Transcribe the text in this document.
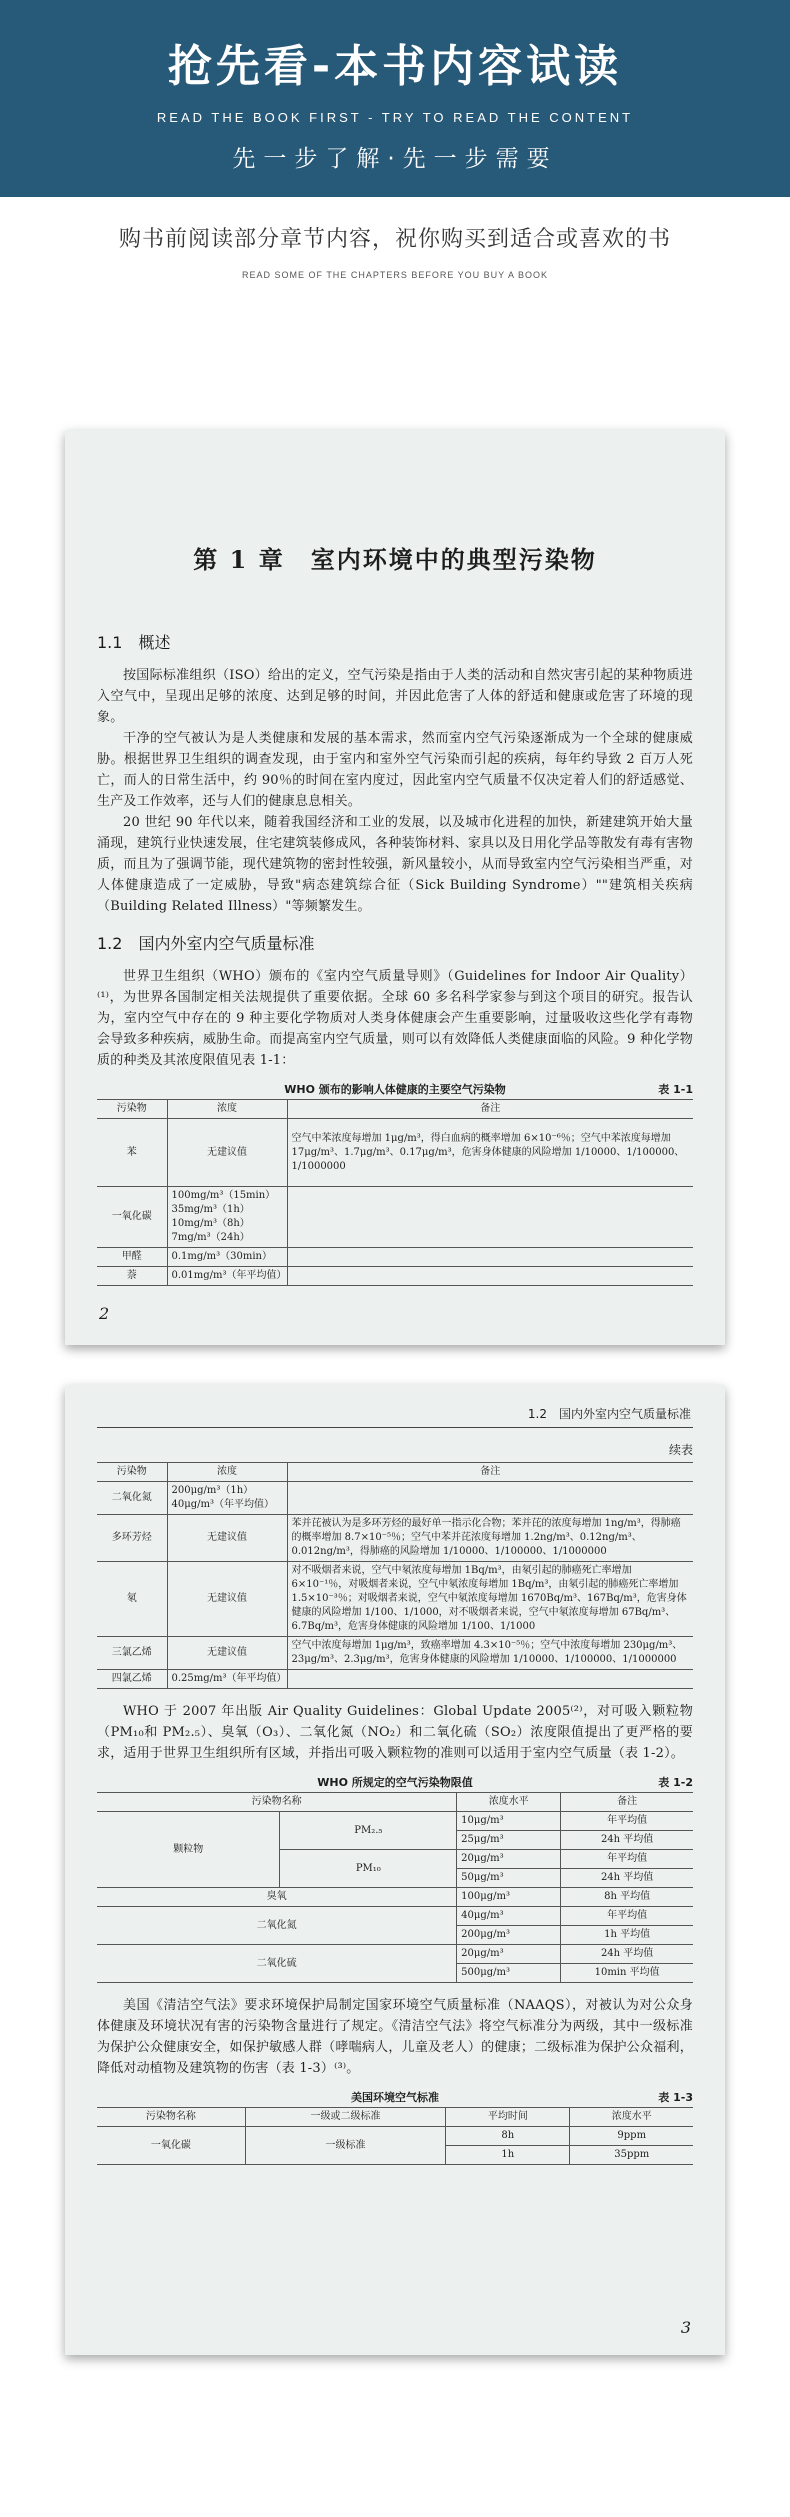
抢先看-本书内容试读
READ THE BOOK FIRST - TRY TO READ THE CONTENT
先一步了解·先一步需要
购书前阅读部分章节内容，祝你购买到适合或喜欢的书
READ SOME OF THE CHAPTERS BEFORE YOU BUY A BOOK
第 1 章　室内环境中的典型污染物
1.1　概述

按国际标准组织（ISO）给出的定义，空气污染是指由于人类的活动和自然灾害引起的某种物质进入空气中，呈现出足够的浓度、达到足够的时间，并因此危害了人体的舒适和健康或危害了环境的现象。

干净的空气被认为是人类健康和发展的基本需求，然而室内空气污染逐渐成为一个全球的健康威胁。根据世界卫生组织的调查发现，由于室内和室外空气污染而引起的疾病，每年约导致 2 百万人死亡，而人的日常生活中，约 90％的时间在室内度过，因此室内空气质量不仅决定着人们的舒适感觉、生产及工作效率，还与人们的健康息息相关。

20 世纪 90 年代以来，随着我国经济和工业的发展，以及城市化进程的加快，新建建筑开始大量涌现，建筑行业快速发展，住宅建筑装修成风，各种装饰材料、家具以及日用化学品等散发有毒有害物质，而且为了强调节能，现代建筑物的密封性较强，新风量较小，从而导致室内空气污染相当严重，对人体健康造成了一定威胁，导致"病态建筑综合征（Sick Building Syndrome）""建筑相关疾病（Building Related Illness）"等频繁发生。

1.2　国内外室内空气质量标准

世界卫生组织（WHO）颁布的《室内空气质量导则》（Guidelines for Indoor Air Quality）⁽¹⁾，为世界各国制定相关法规提供了重要依据。全球 60 多名科学家参与到这个项目的研究。报告认为，室内空气中存在的 9 种主要化学物质对人类身体健康会产生重要影响，过量吸收这些化学有毒物会导致多种疾病，威胁生命。而提高室内空气质量，则可以有效降低人类健康面临的风险。9 种化学物质的种类及其浓度限值见表 1-1：

WHO 颁布的影响人体健康的主要空气污染物	表 1-1
污染物	浓度	备注
苯	无建议值	空气中苯浓度每增加 1μg/m³，得白血病的概率增加 6×10⁻⁶％；空气中苯浓度每增加 17μg/m³、1.7μg/m³、0.17μg/m³，危害身体健康的风险增加 1/10000、1/100000、1/1000000
一氧化碳	100mg/m³（15min）
35mg/m³（1h）
10mg/m³（8h）
7mg/m³（24h）	
甲醛	0.1mg/m³（30min）	
萘	0.01mg/m³（年平均值）	
2
1.2　国内外室内空气质量标准
续表
污染物	浓度	备注
二氧化氮	200μg/m³（1h）
40μg/m³（年平均值）	
多环芳烃	无建议值	苯并芘被认为是多环芳烃的最好单一指示化合物；苯并芘的浓度每增加 1ng/m³，得肺癌的概率增加 8.7×10⁻⁵％；空气中苯并芘浓度每增加 1.2ng/m³、0.12ng/m³、0.012ng/m³，得肺癌的风险增加 1/10000、1/100000、1/1000000
氡	无建议值	对不吸烟者来说，空气中氡浓度每增加 1Bq/m³，由氡引起的肺癌死亡率增加 6×10⁻¹％，对吸烟者来说，空气中氡浓度每增加 1Bq/m³，由氡引起的肺癌死亡率增加 1.5×10⁻³％；对吸烟者来说，空气中氡浓度每增加 1670Bq/m³、167Bq/m³，危害身体健康的风险增加 1/100、1/1000，对不吸烟者来说，空气中氡浓度每增加 67Bq/m³、6.7Bq/m³，危害身体健康的风险增加 1/100、1/1000
三氯乙烯	无建议值	空气中浓度每增加 1μg/m³，致癌率增加 4.3×10⁻⁵％；空气中浓度每增加 230μg/m³、23μg/m³、2.3μg/m³，危害身体健康的风险增加 1/10000、1/100000、1/1000000
四氯乙烯	0.25mg/m³（年平均值）	

WHO 于 2007 年出版 Air Quality Guidelines：Global Update 2005⁽²⁾，对可吸入颗粒物（PM₁₀和 PM₂.₅）、臭氧（O₃）、二氧化氮（NO₂）和二氧化硫（SO₂）浓度限值提出了更严格的要求，适用于世界卫生组织所有区域，并指出可吸入颗粒物的准则可以适用于室内空气质量（表 1-2）。

WHO 所规定的空气污染物限值	表 1-2
污染物名称		浓度水平	备注
颗粒物	PM₂.₅	10μg/m³	年平均值
		25μg/m³	24h 平均值
	PM₁₀	20μg/m³	年平均值
		50μg/m³	24h 平均值
臭氧		100μg/m³	8h 平均值
二氧化氮		40μg/m³	年平均值
		200μg/m³	1h 平均值
二氧化硫		20μg/m³	24h 平均值
		500μg/m³	10min 平均值

美国《清洁空气法》要求环境保护局制定国家环境空气质量标准（NAAQS），对被认为对公众身体健康及环境状况有害的污染物含量进行了规定。《清洁空气法》将空气标准分为两级，其中一级标准为保护公众健康安全，如保护敏感人群（哮喘病人，儿童及老人）的健康；二级标准为保护公众福利，降低对动植物及建筑物的伤害（表 1-3）⁽³⁾。

美国环境空气标准	表 1-3
污染物名称	一级或二级标准	平均时间	浓度水平
一氧化碳	一级标准	8h	9ppm
		1h	35ppm
3
